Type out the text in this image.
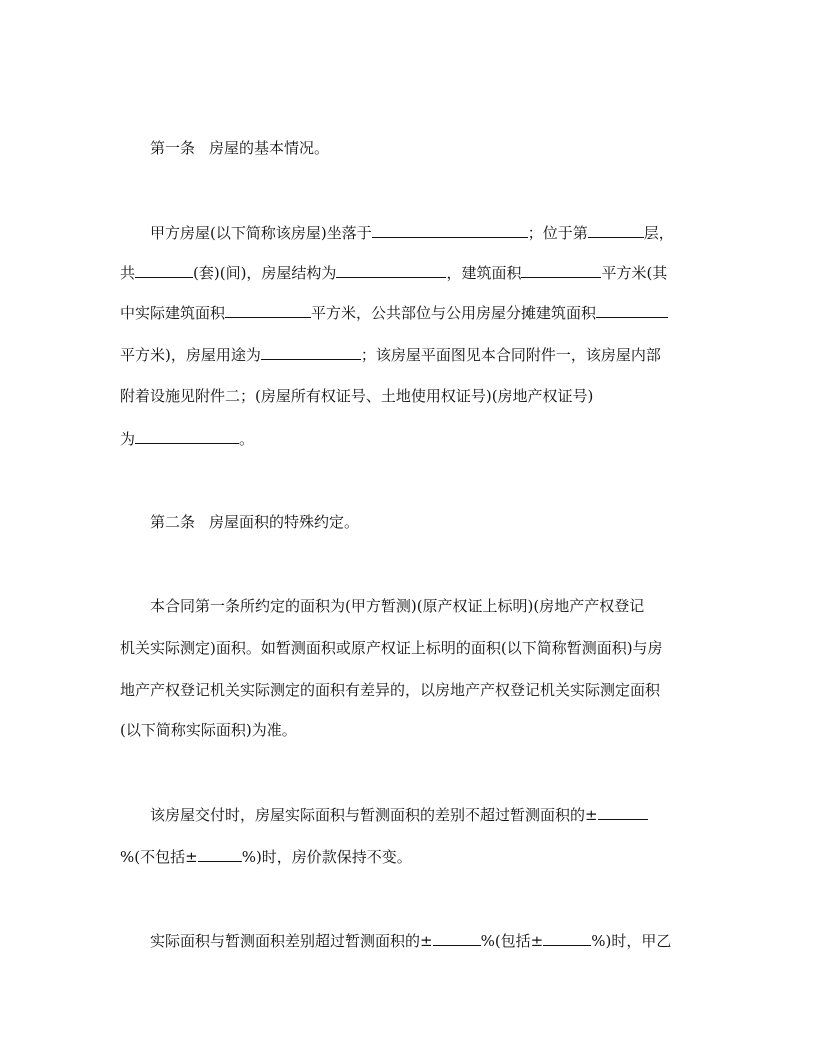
第一条 房屋的基本情况。
甲方房屋(以下简称该房屋)坐落于	；位于第	层，
共	(套)(间)，房屋结构为	，建筑面积	平方米(其
中实际建筑面积	平方米，公共部位与公用房屋分摊建筑面积
平方米)，房屋用途为	；该房屋平面图见本合同附件一，该房屋内部
附着设施见附件二；(房屋所有权证号、土地使用权证号)(房地产权证号)
为	。
第二条 房屋面积的特殊约定。
本合同第一条所约定的面积为(甲方暂测)(原产权证上标明)(房地产产权登记
机关实际测定)面积。如暂测面积或原产权证上标明的面积(以下简称暂测面积)与房
地产产权登记机关实际测定的面积有差异的，以房地产产权登记机关实际测定面积
(以下简称实际面积)为准。
该房屋交付时，房屋实际面积与暂测面积的差别不超过暂测面积的±
%(不包括±	%)时，房价款保持不变。
实际面积与暂测面积差别超过暂测面积的±	%(包括±	%)时，甲乙
